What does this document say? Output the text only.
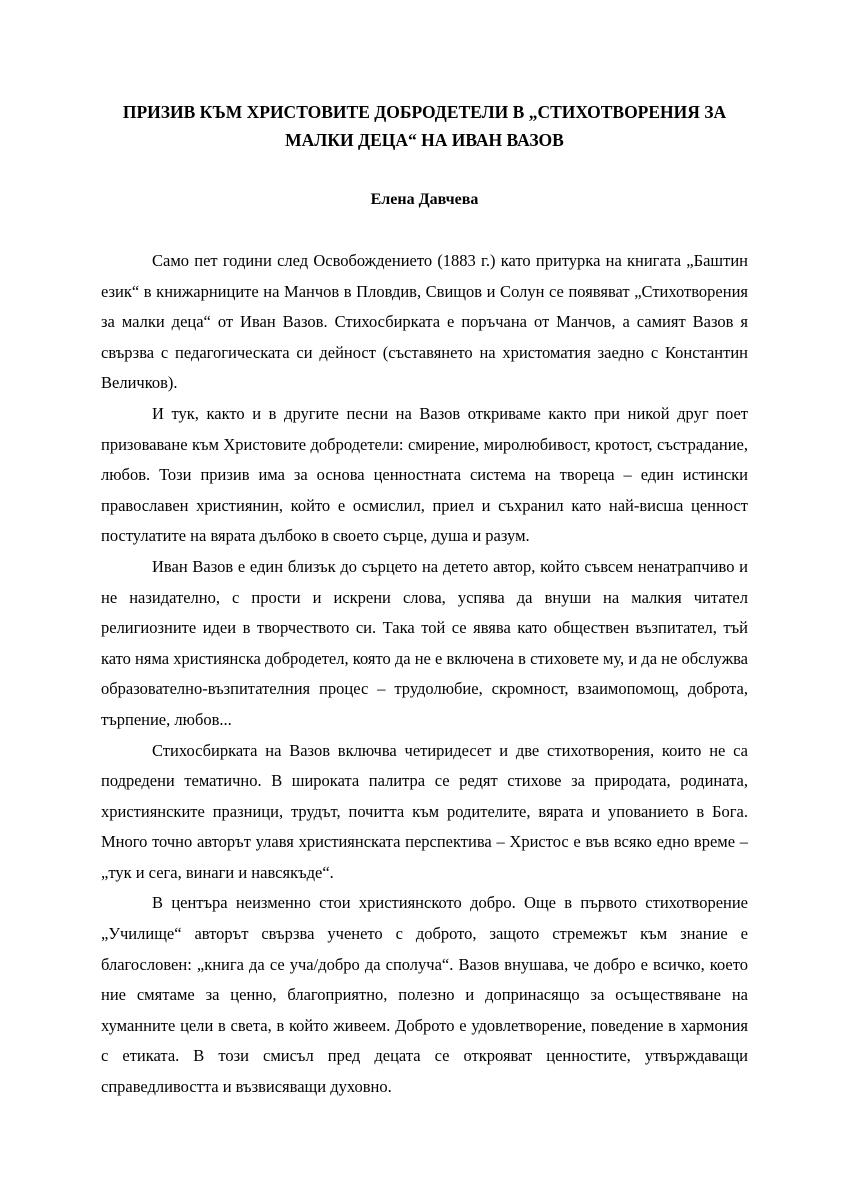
ПРИЗИВ КЪМ ХРИСТОВИТЕ ДОБРОДЕТЕЛИ В „СТИХОТВОРЕНИЯ ЗА
МАЛКИ ДЕЦА“ НА ИВАН ВАЗОВ

Елена Давчева

Само пет години след Освобождението (1883 г.) като притурка на книгата „Баштин език“ в книжарниците на Манчов в Пловдив, Свищов и Солун се появяват „Стихотворения за малки деца“ от Иван Вазов. Стихосбирката е поръчана от Манчов, а самият Вазов я свързва с педагогическата си дейност (съставянето на христоматия заедно с Константин Величков).

И тук, както и в другите песни на Вазов откриваме както при никой друг поет призоваване към Христовите добродетели: смирение, миролюбивост, кротост, състрадание, любов. Този призив има за основа ценностната система на твореца – един истински православен християнин, който е осмислил, приел и съхранил като най-висша ценност постулатите на вярата дълбоко в своето сърце, душа и разум.

Иван Вазов е един близък до сърцето на детето автор, който съвсем ненатрапчиво и не назидателно, с прости и искрени слова, успява да внуши на малкия читател религиозните идеи в творчеството си. Така той се явява като обществен възпитател, тъй като няма християнска добродетел, която да не е включена в стиховете му, и да не обслужва образователно-възпитателния процес – трудолюбие, скромност, взаимопомощ, доброта, търпение, любов...

Стихосбирката на Вазов включва четиридесет и две стихотворения, които не са подредени тематично. В широката палитра се редят стихове за природата, родината, християнските празници, трудът, почитта към родителите, вярата и упованието в Бога. Много точно авторът улавя християнската перспектива – Христос е във всяко едно време – „тук и сега, винаги и навсякъде“.

В центъра неизменно стои християнското добро. Още в първото стихотворение „Училище“ авторът свързва ученето с доброто, защото стремежът към знание е благословен: „книга да се уча/добро да сполуча“. Вазов внушава, че добро е всичко, което ние смятаме за ценно, благоприятно, полезно и допринасящо за осъществяване на хуманните цели в света, в който живеем. Доброто е удовлетворение, поведение в хармония с етиката. В този смисъл пред децата се открояват ценностите, утвърждаващи справедливостта и възвисяващи духовно.
